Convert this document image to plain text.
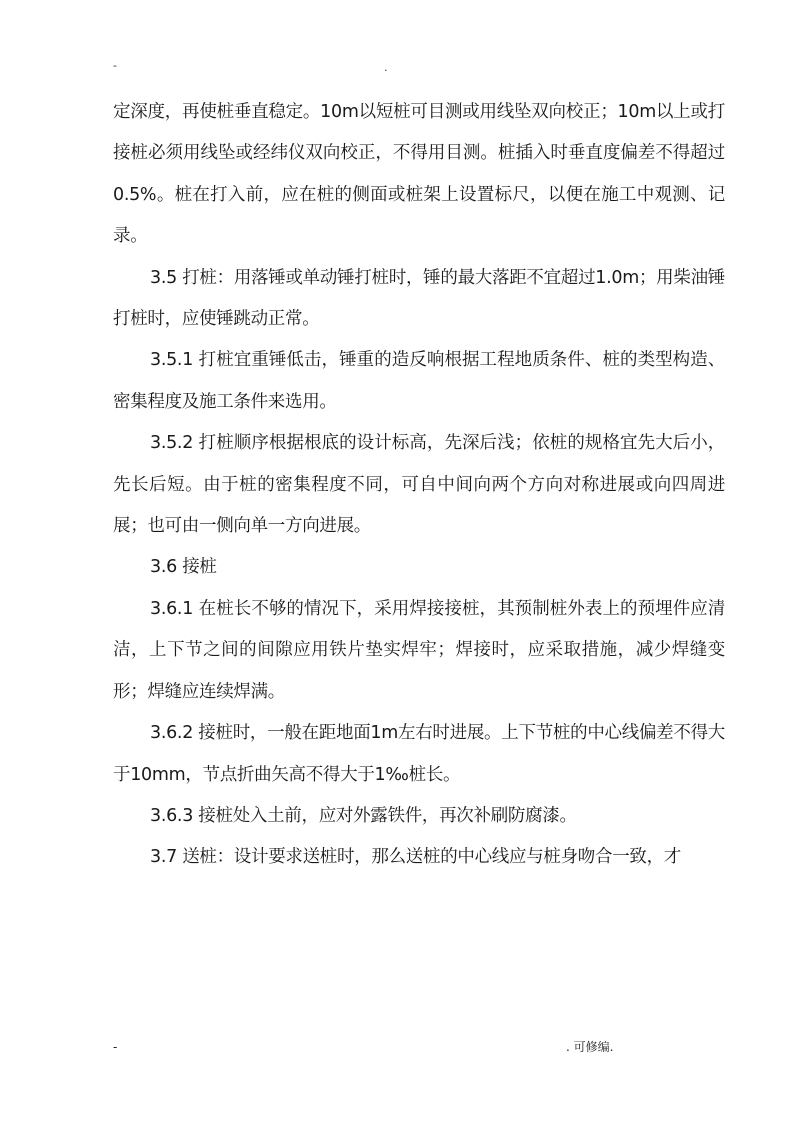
-	.

定深度，再使桩垂直稳定。10m以短桩可目测或用线坠双向校正；10m以上或打接桩必须用线坠或经纬仪双向校正，不得用目测。桩插入时垂直度偏差不得超过0.5%。桩在打入前，应在桩的侧面或桩架上设置标尺，以便在施工中观测、记录。

3.5 打桩：用落锤或单动锤打桩时，锤的最大落距不宜超过1.0m；用柴油锤打桩时，应使锤跳动正常。

3.5.1 打桩宜重锤低击，锤重的造反响根据工程地质条件、桩的类型构造、密集程度及施工条件来选用。

3.5.2 打桩顺序根据根底的设计标高，先深后浅；依桩的规格宜先大后小，先长后短。由于桩的密集程度不同，可自中间向两个方向对称进展或向四周进展；也可由一侧向单一方向进展。

3.6 接桩

3.6.1 在桩长不够的情况下，采用焊接接桩，其预制桩外表上的预埋件应清洁，上下节之间的间隙应用铁片垫实焊牢；焊接时，应采取措施，减少焊缝变形；焊缝应连续焊满。

3.6.2 接桩时，一般在距地面1m左右时进展。上下节桩的中心线偏差不得大于10mm，节点折曲矢高不得大于1‰桩长。

3.6.3 接桩处入土前，应对外露铁件，再次补刷防腐漆。

3.7 送桩：设计要求送桩时，那么送桩的中心线应与桩身吻合一致，才

-	. 可修编.
